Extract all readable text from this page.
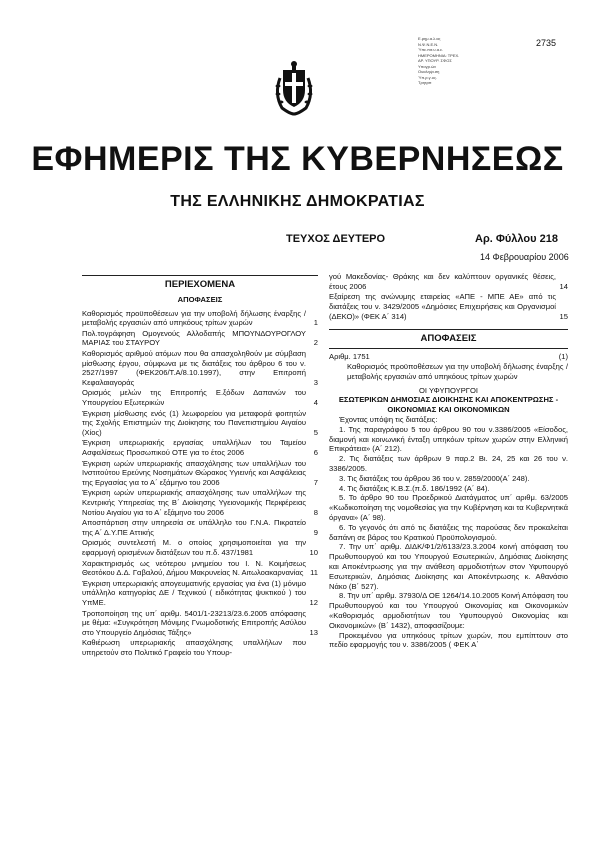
2735
Ε.ρημ.α.λ.ας
Ν.Ψ.Ν.Ε.Ν.
Ύπε.πιτ.υ.α.ε.
ΗΜΕΡΟΜΗΝΙΑ: ΤΡΕΧ.
ΑΡ. ΥΠΟΥΡ. ΣΦΟΣ
Υπογρ.ών
Ουαληψι.ση
Ύπ.ρ.γ.ος.
Τρητρπ
ΕΦΗΜΕΡΙΣ ΤΗΣ ΚΥΒΕΡΝΗΣΕΩΣ
ΤΗΣ ΕΛΛΗΝΙΚΗΣ ΔΗΜΟΚΡΑΤΙΑΣ
ΤΕΥΧΟΣ ΔΕΥΤΕΡΟ	Αρ. Φύλλου 218
14 Φεβρουαρίου 2006
ΠΕΡΙΕΧΟΜΕΝΑ
ΑΠΟΦΑΣΕΙΣ
Καθορισμός προϋποθέσεων για την υποβολή δήλωσης έναρξης / μεταβολής εργασιών από υπηκόους τρίτων χωρών	1
Πολ.τογράφηση Ομογενούς Αλλοδαπής ΜΠΟΥΝΔΟΥΡΟΓΛΟΥ ΜΑΡΙΑΣ του ΣΤΑΥΡΟΥ	2
Καθορισμός αριθμού ατόμων που θα απασχοληθούν με σύμβαση μίσθωσης έργου, σύμφωνα με τις διατάξεις του άρθρου 6 του ν. 2527/1997 (ΦΕΚ206/Τ.Α/8.10.1997), στην Επιτροπή Κεφαλαιαγοράς	3
Ορισμός μελών της Επιτροπής Ε.ξόδων Δαπανών του Υπουργείου Εξωτερικών	4
Έγκριση μίσθωσης ενός (1) λεωφορείου για μεταφορά φοιτητών της Σχολής Επιστημών της Διοίκησης του Πανεπιστημίου Αιγαίου (Χίος)	5
Έγκριση υπερωριακής εργασίας υπαλλήλων του Ταμείου Ασφαλίσεως Προσωπικού ΟΤΕ για το έτος 2006	6
Έγκριση ωρών υπερωριακής απασχόλησης των υπαλλήλων του Ινστιτούτου Ερεύνης Νοσημάτων Θώρακος Υγιεινής και Ασφάλειας της Εργασίας για το Α΄ εξάμηνο του 2006	7
Έγκριση ωρών υπερωριακής απασχόλησης των υπαλλήλων της Κεντρικής Υπηρεσίας της Β΄ Διοίκησης Υγειονομικής Περιφέρειας Νοτίου Αιγαίου για το Α΄ εξάμηνο του 2006	8
Αποσπάρτιση στην υπηρεσία σε υπάλληλο του Γ.Ν.Α. Πικρατείο της Α΄ Δ.Υ.ΠΕ Αττικής	9
Ορισμός συντελεστή Μ. ο οποίος χρησιμοποιείται για την εφαρμογή ορισμένων διατάξεων του π.δ. 437/1981	10
Χαρακτηρισμός ως νεότερου μνημείου του Ι. Ν. Κοιμήσεως Θεοτόκου Δ.Δ. Γαβαλού, Δήμου Μακρυνείας Ν. Αιτωλοακαρνανίας 11
Έγκριση υπερωριακής απογευματινής εργασίας για ένα (1) μόνιμο υπάλληλο κατηγορίας ΔΕ / Τεχνικού ( ειδικότητας ψυκτικού ) του ΥπΜΕ.	12
Τροποποίηση της υπ΄ αριθμ. 5401/1-23213/23.6.2005 απόφασης με θέμα: «Συγκρότηση Μόνιμης Γνωμοδοτικής Επιτροπής Ασύλου στο Υπουργείο Δημόσιας Τάξης»	13
Καθιέρωση υπερωριακής απασχόλησης υπαλλήλων που υπηρετούν στο Πολιτικό Γραφείο του Υπουρ-
γού Μακεδονίας- Θράκης και δεν καλύπτουν οργανικές θέσεις, έτους 2006	14
Εξαίρεση της ανώνυμης εταιρείας «ΑΠΕ - ΜΠΕ ΑΕ» από τις διατάξεις του ν. 3429/2005 «Δημόσιες Επιχειρήσεις και Οργανισμοί (ΔΕΚΟ)» (ΦΕΚ Α΄ 314)	15
ΑΠΟΦΑΣΕΙΣ
Αριθμ. 1751	(1)

Καθορισμός προϋποθέσεων για την υποβολή δήλωσης έναρξης / μεταβολής εργασιών από υπηκόους τρίτων χωρών

ΟΙ ΥΦΥΠΟΥΡΓΟΙ
ΕΣΩΤΕΡΙΚΩΝ ΔΗΜΟΣΙΑΣ ΔΙΟΙΚΗΣΗΣ ΚΑΙ ΑΠΟΚΕΝΤΡΩΣΗΣ - ΟΙΚΟΝΟΜΙΑΣ ΚΑΙ ΟΙΚΟΝΟΜΙΚΩΝ

Έχοντας υπόψη τις διατάξεις:

1. Της παραγράφου 5 του άρθρου 90 του ν.3386/2005 «Είσοδος, διαμονή και κοινωνική ένταξη υπηκόων τρίτων χωρών στην Ελληνική Επικράτεια» (Α΄ 212).

2. Τις διατάξεις των άρθρων 9 παρ.2 Βι. 24, 25 και 26 του ν. 3386/2005.

3. Τις διατάξεις του άρθρου 36 του ν. 2859/2000(Α΄ 248).

4. Τις διατάξεις Κ.Β.Σ.(π.δ. 186/1992 (Α΄ 84).

5. Το άρθρο 90 του Προεδρικού Διατάγματος υπ΄ αριθμ. 63/2005 «Κωδικοποίηση της νομοθεσίας για την Κυβέρνηση και τα Κυβερνητικά όργανα» (Α΄ 98).

6. Το γεγονός ότι από τις διατάξεις της παρούσας δεν προκαλείται δαπάνη σε βάρος του Κρατικού Προϋπολογισμού.

7. Την υπ΄ αριθμ. ΔΙΔΚ/Φ1/2/6133/23.3.2004 κοινή απόφαση του Πρωθυπουργού και του Υπουργού Εσωτερικών, Δημόσιας Διοίκησης και Αποκέντρωσης για την ανάθεση αρμοδιοτήτων στον Υφυπουργό Εσωτερικών, Δημόσιας Διοίκησης και Αποκέντρωσης κ. Αθανάσιο Νάκο (Β΄ 527).

8. Την υπ΄ αριθμ. 37930/Δ ΟΕ 1264/14.10.2005 Κοινή Απόφαση του Πρωθυπουργού και του Υπουργού Οικονομίας και Οικονομικών «Καθορισμός αρμοδιοτήτων του Υφυπουργού Οικονομίας και Οικονομικών» (Β΄ 1432), αποφασίζουμε:

Προκειμένου για υπηκόους τρίτων χωρών, που εμπίπτουν στο πεδίο εφαρμογής του ν. 3386/2005 ( ΦΕΚ Α΄
